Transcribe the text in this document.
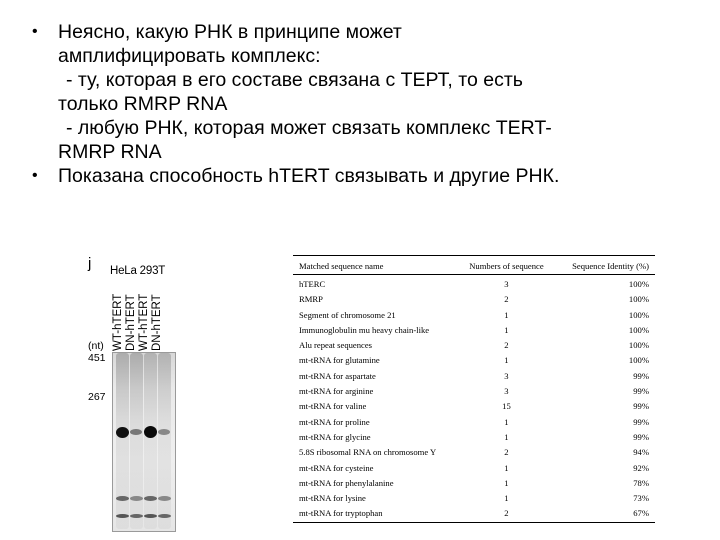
• Неясно, какую РНК в принципе может
амплифицировать комплекс:
- ту, которая в его составе связана с ТЕРТ, то есть
только RMRP RNA
- любую РНК, которая может связать комплекс TERT-
RMRP RNA
• Показана способность hTERT связывать и другие РНК.
j HeLa 293T
WT-hTERT DN-hTERT WT-hTERT DN-hTERT
(nt)
451
267
Matched sequence name	Numbers of sequence	Sequence Identity (%)
hTERC	3	100%
RMRP	2	100%
Segment of chromosome 21	1	100%
Immunoglobulin mu heavy chain-like	1	100%
Alu repeat sequences	2	100%
mt-tRNA for glutamine	1	100%
mt-tRNA for aspartate	3	99%
mt-tRNA for arginine	3	99%
mt-tRNA for valine	15	99%
mt-tRNA for proline	1	99%
mt-tRNA for glycine	1	99%
5.8S ribosomal RNA on chromosome Y	2	94%
mt-tRNA for cysteine	1	92%
mt-tRNA for phenylalanine	1	78%
mt-tRNA for lysine	1	73%
mt-tRNA for tryptophan	2	67%
